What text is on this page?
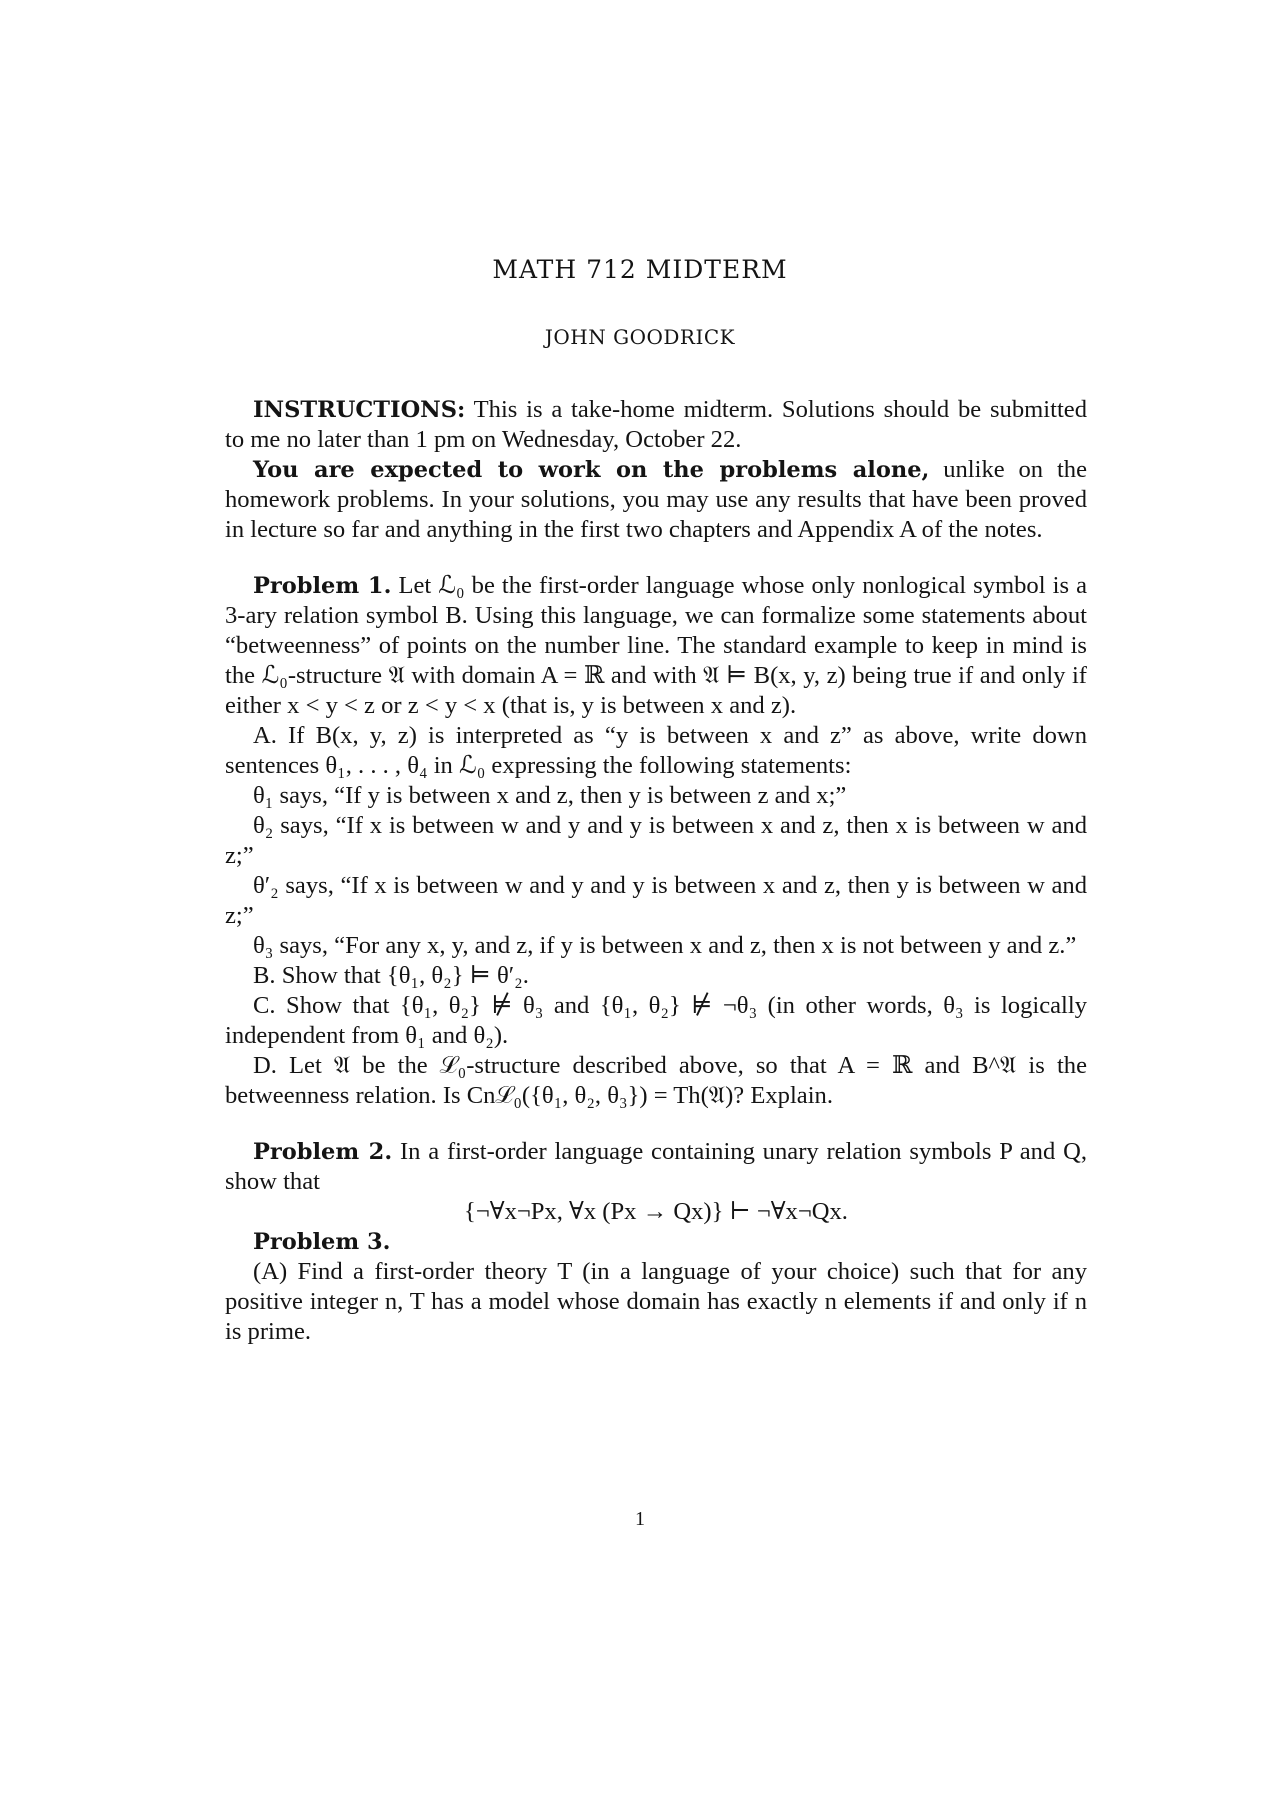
MATH 712 MIDTERM
JOHN GOODRICK

INSTRUCTIONS: This is a take-home midterm. Solutions should be submitted to me no later than 1 pm on Wednesday, October 22.

You are expected to work on the problems alone, unlike on the homework problems. In your solutions, you may use any results that have been proved in lecture so far and anything in the first two chapters and Appendix A of the notes.

Problem 1. Let ℒ₀ be the first-order language whose only nonlogical symbol is a 3-ary relation symbol B. Using this language, we can formalize some statements about “betweenness” of points on the number line. The standard example to keep in mind is the ℒ₀-structure 𝔄 with domain A = ℝ and with 𝔄 ⊨ B(x, y, z) being true if and only if either x < y < z or z < y < x (that is, y is between x and z).

A. If B(x, y, z) is interpreted as “y is between x and z” as above, write down sentences θ₁, . . . , θ₄ in ℒ₀ expressing the following statements:

θ₁ says, “If y is between x and z, then y is between z and x;”

θ₂ says, “If x is between w and y and y is between x and z, then x is between w and z;”

θ′₂ says, “If x is between w and y and y is between x and z, then y is between w and z;”

θ₃ says, “For any x, y, and z, if y is between x and z, then x is not between y and z.”

B. Show that {θ₁, θ₂} ⊨ θ′₂.

C. Show that {θ₁, θ₂} ⊭ θ₃ and {θ₁, θ₂} ⊭ ¬θ₃ (in other words, θ₃ is logically independent from θ₁ and θ₂).

D. Let 𝔄 be the ℒ₀-structure described above, so that A = ℝ and B^𝔄 is the betweenness relation. Is Cnℒ₀({θ₁, θ₂, θ₃}) = Th(𝔄)? Explain.

Problem 2. In a first-order language containing unary relation symbols P and Q, show that

{¬∀x¬Px, ∀x (Px → Qx)} ⊢ ¬∀x¬Qx.

Problem 3.

(A) Find a first-order theory T (in a language of your choice) such that for any positive integer n, T has a model whose domain has exactly n elements if and only if n is prime.

1
